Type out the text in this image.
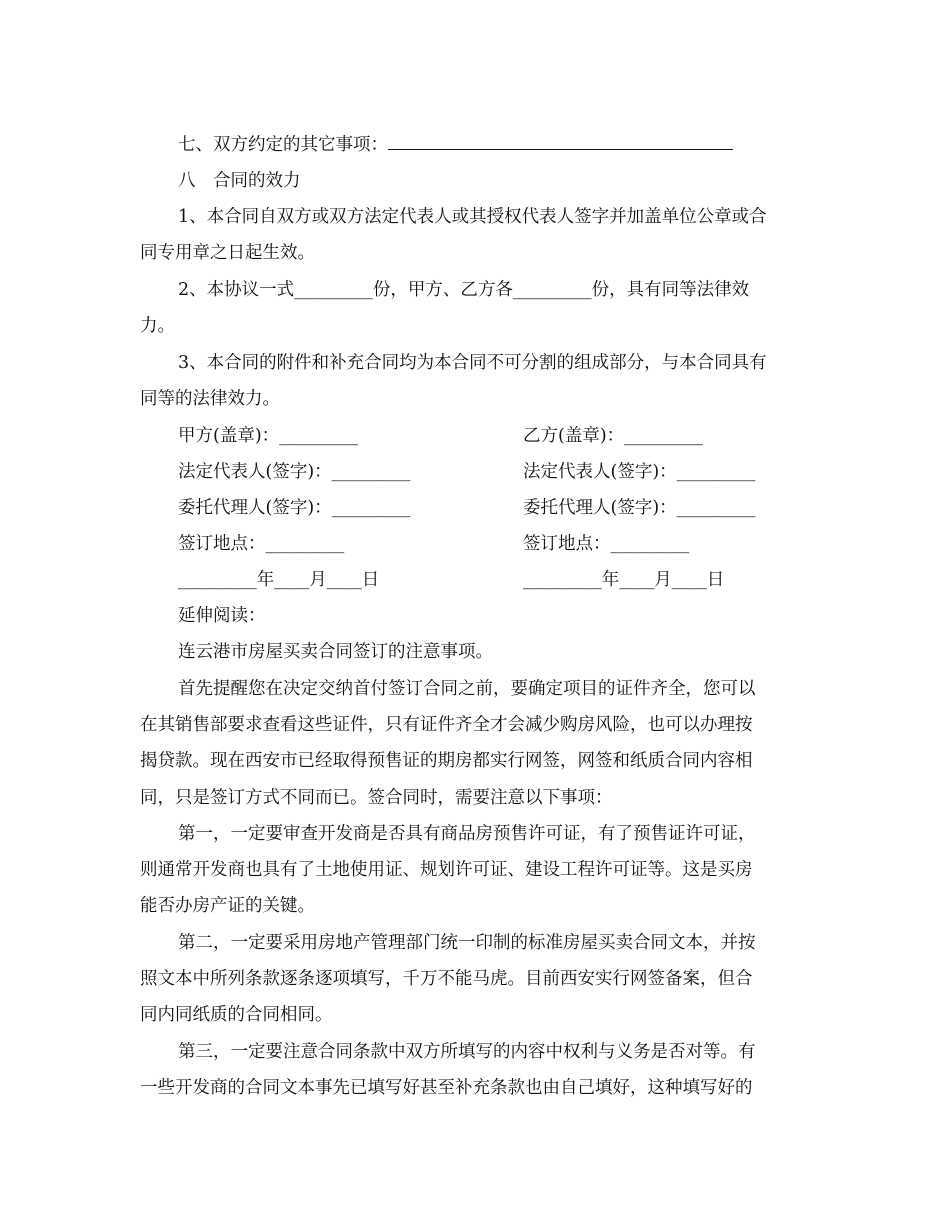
七、双方约定的其它事项：
八　合同的效力
1、本合同自双方或双方法定代表人或其授权代表人签字并加盖单位公章或合
同专用章之日起生效。
2、本协议一式_________份，甲方、乙方各_________份，具有同等法律效
力。
3、本合同的附件和补充合同均为本合同不可分割的组成部分，与本合同具有
同等的法律效力。
甲方(盖章)：_________	乙方(盖章)：_________
法定代表人(签字)：_________	法定代表人(签字)：_________
委托代理人(签字)：_________	委托代理人(签字)：_________
签订地点：_________	签订地点：_________
_________年____月____日	_________年____月____日
延伸阅读：
连云港市房屋买卖合同签订的注意事项。
首先提醒您在决定交纳首付签订合同之前，要确定项目的证件齐全，您可以
在其销售部要求查看这些证件，只有证件齐全才会减少购房风险，也可以办理按
揭贷款。现在西安市已经取得预售证的期房都实行网签，网签和纸质合同内容相
同，只是签订方式不同而已。签合同时，需要注意以下事项：
第一，一定要审查开发商是否具有商品房预售许可证，有了预售证许可证，
则通常开发商也具有了土地使用证、规划许可证、建设工程许可证等。这是买房
能否办房产证的关键。
第二，一定要采用房地产管理部门统一印制的标准房屋买卖合同文本，并按
照文本中所列条款逐条逐项填写，千万不能马虎。目前西安实行网签备案，但合
同内同纸质的合同相同。
第三，一定要注意合同条款中双方所填写的内容中权利与义务是否对等。有
一些开发商的合同文本事先已填写好甚至补充条款也由自己填好，这种填写好的
